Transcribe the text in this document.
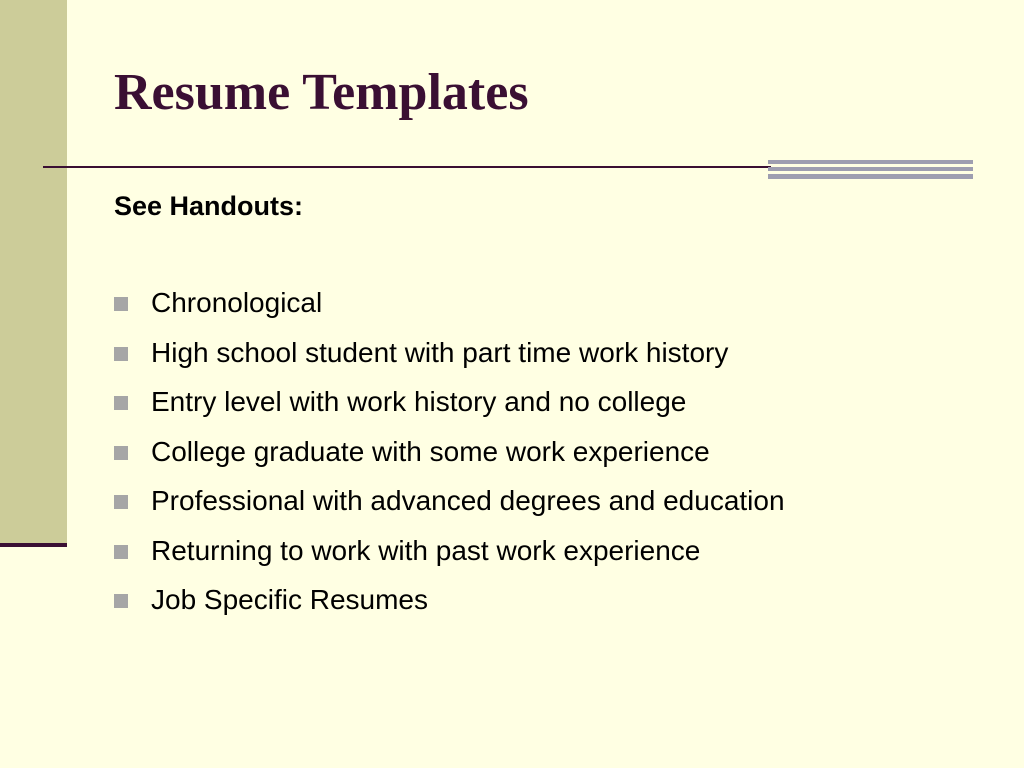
Resume Templates

See Handouts:

Chronological
High school student with part time work history
Entry level with work history and no college
College graduate with some work experience
Professional with advanced degrees and education
Returning to work with past work experience
Job Specific Resumes
